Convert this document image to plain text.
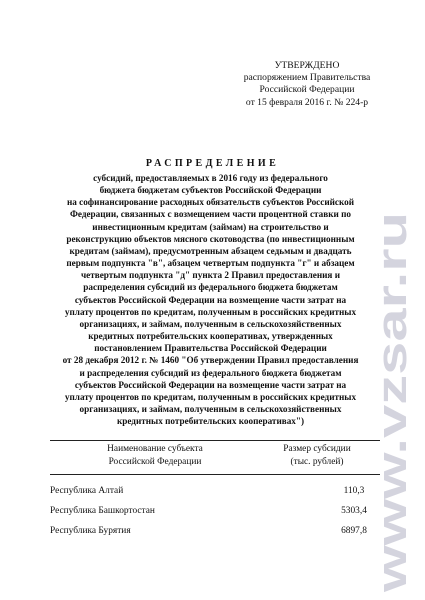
УТВЕРЖДЕНО
распоряжением Правительства
Российской Федерации
от 15 февраля 2016 г. № 224-р
РАСПРЕДЕЛЕНИЕ
субсидий, предоставляемых в 2016 году из федерального
бюджета бюджетам субъектов Российской Федерации
на софинансирование расходных обязательств субъектов Российской
Федерации, связанных с возмещением части процентной ставки по
инвестиционным кредитам (займам) на строительство и
реконструкцию объектов мясного скотоводства (по инвестиционным
кредитам (займам), предусмотренным абзацем седьмым и двадцать
первым подпункта "в", абзацем четвертым подпункта "г" и абзацем
четвертым подпункта "д" пункта 2 Правил предоставления и
распределения субсидий из федерального бюджета бюджетам
субъектов Российской Федерации на возмещение части затрат на
уплату процентов по кредитам, полученным в российских кредитных
организациях, и займам, полученным в сельскохозяйственных
кредитных потребительских кооперативах, утвержденных
постановлением Правительства Российской Федерации
от 28 декабря 2012 г. № 1460 "Об утверждении Правил предоставления
и распределения субсидий из федерального бюджета бюджетам
субъектов Российской Федерации на возмещение части затрат на
уплату процентов по кредитам, полученным в российских кредитных
организациях, и займам, полученным в сельскохозяйственных
кредитных потребительских кооперативах")
Наименование субъекта
Российской Федерации
Размер субсидии
(тыс. рублей)
Республика Алтай	110,3
Республика Башкортостан	5303,4
Республика Бурятия	6897,8 www.vzsar.ru
